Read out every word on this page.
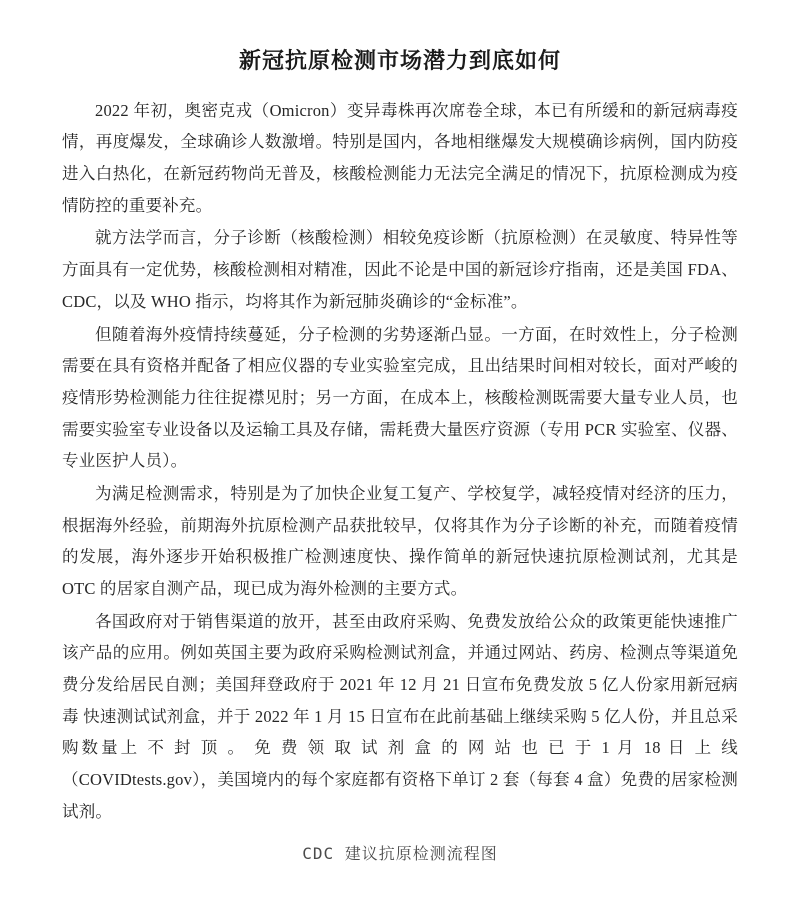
新冠抗原检测市场潜力到底如何

2022 年初，奥密克戎（Omicron）变异毒株再次席卷全球，本已有所缓和的新冠病毒疫情，再度爆发，全球确诊人数激增。特别是国内，各地相继爆发大规模确诊病例，国内防疫进入白热化，在新冠药物尚无普及，核酸检测能力无法完全满足的情况下，抗原检测成为疫情防控的重要补充。

就方法学而言，分子诊断（核酸检测）相较免疫诊断（抗原检测）在灵敏度、特异性等方面具有一定优势，核酸检测相对精准，因此不论是中国的新冠诊疗指南，还是美国 FDA、CDC，以及 WHO 指示，均将其作为新冠肺炎确诊的“金标准”。

但随着海外疫情持续蔓延，分子检测的劣势逐渐凸显。一方面，在时效性上，分子检测需要在具有资格并配备了相应仪器的专业实验室完成，且出结果时间相对较长，面对严峻的疫情形势检测能力往往捉襟见肘；另一方面，在成本上，核酸检测既需要大量专业人员，也需要实验室专业设备以及运输工具及存储，需耗费大量医疗资源（专用 PCR 实验室、仪器、专业医护人员）。

为满足检测需求，特别是为了加快企业复工复产、学校复学，减轻疫情对经济的压力，根据海外经验，前期海外抗原检测产品获批较早，仅将其作为分子诊断的补充，而随着疫情的发展，海外逐步开始积极推广检测速度快、操作简单的新冠快速抗原检测试剂，尤其是 OTC 的居家自测产品，现已成为海外检测的主要方式。

各国政府对于销售渠道的放开，甚至由政府采购、免费发放给公众的政策更能快速推广该产品的应用。例如英国主要为政府采购检测试剂盒，并通过网站、药房、检测点等渠道免费分发给居民自测；美国拜登政府于 2021 年 12 月 21 日宣布免费发放 5 亿人份家用新冠病毒 快速测试试剂盒，并于 2022 年 1 月 15 日宣布在此前基础上继续采购 5 亿人份，并且总采购数量上 不 封 顶 。 免 费 领 取 试 剂 盒 的 网 站 也 已 于 1 月 18 日 上 线（COVIDtests.gov），美国境内的每个家庭都有资格下单订 2 套（每套 4 盒）免费的居家检测试剂。

CDC 建议抗原检测流程图
